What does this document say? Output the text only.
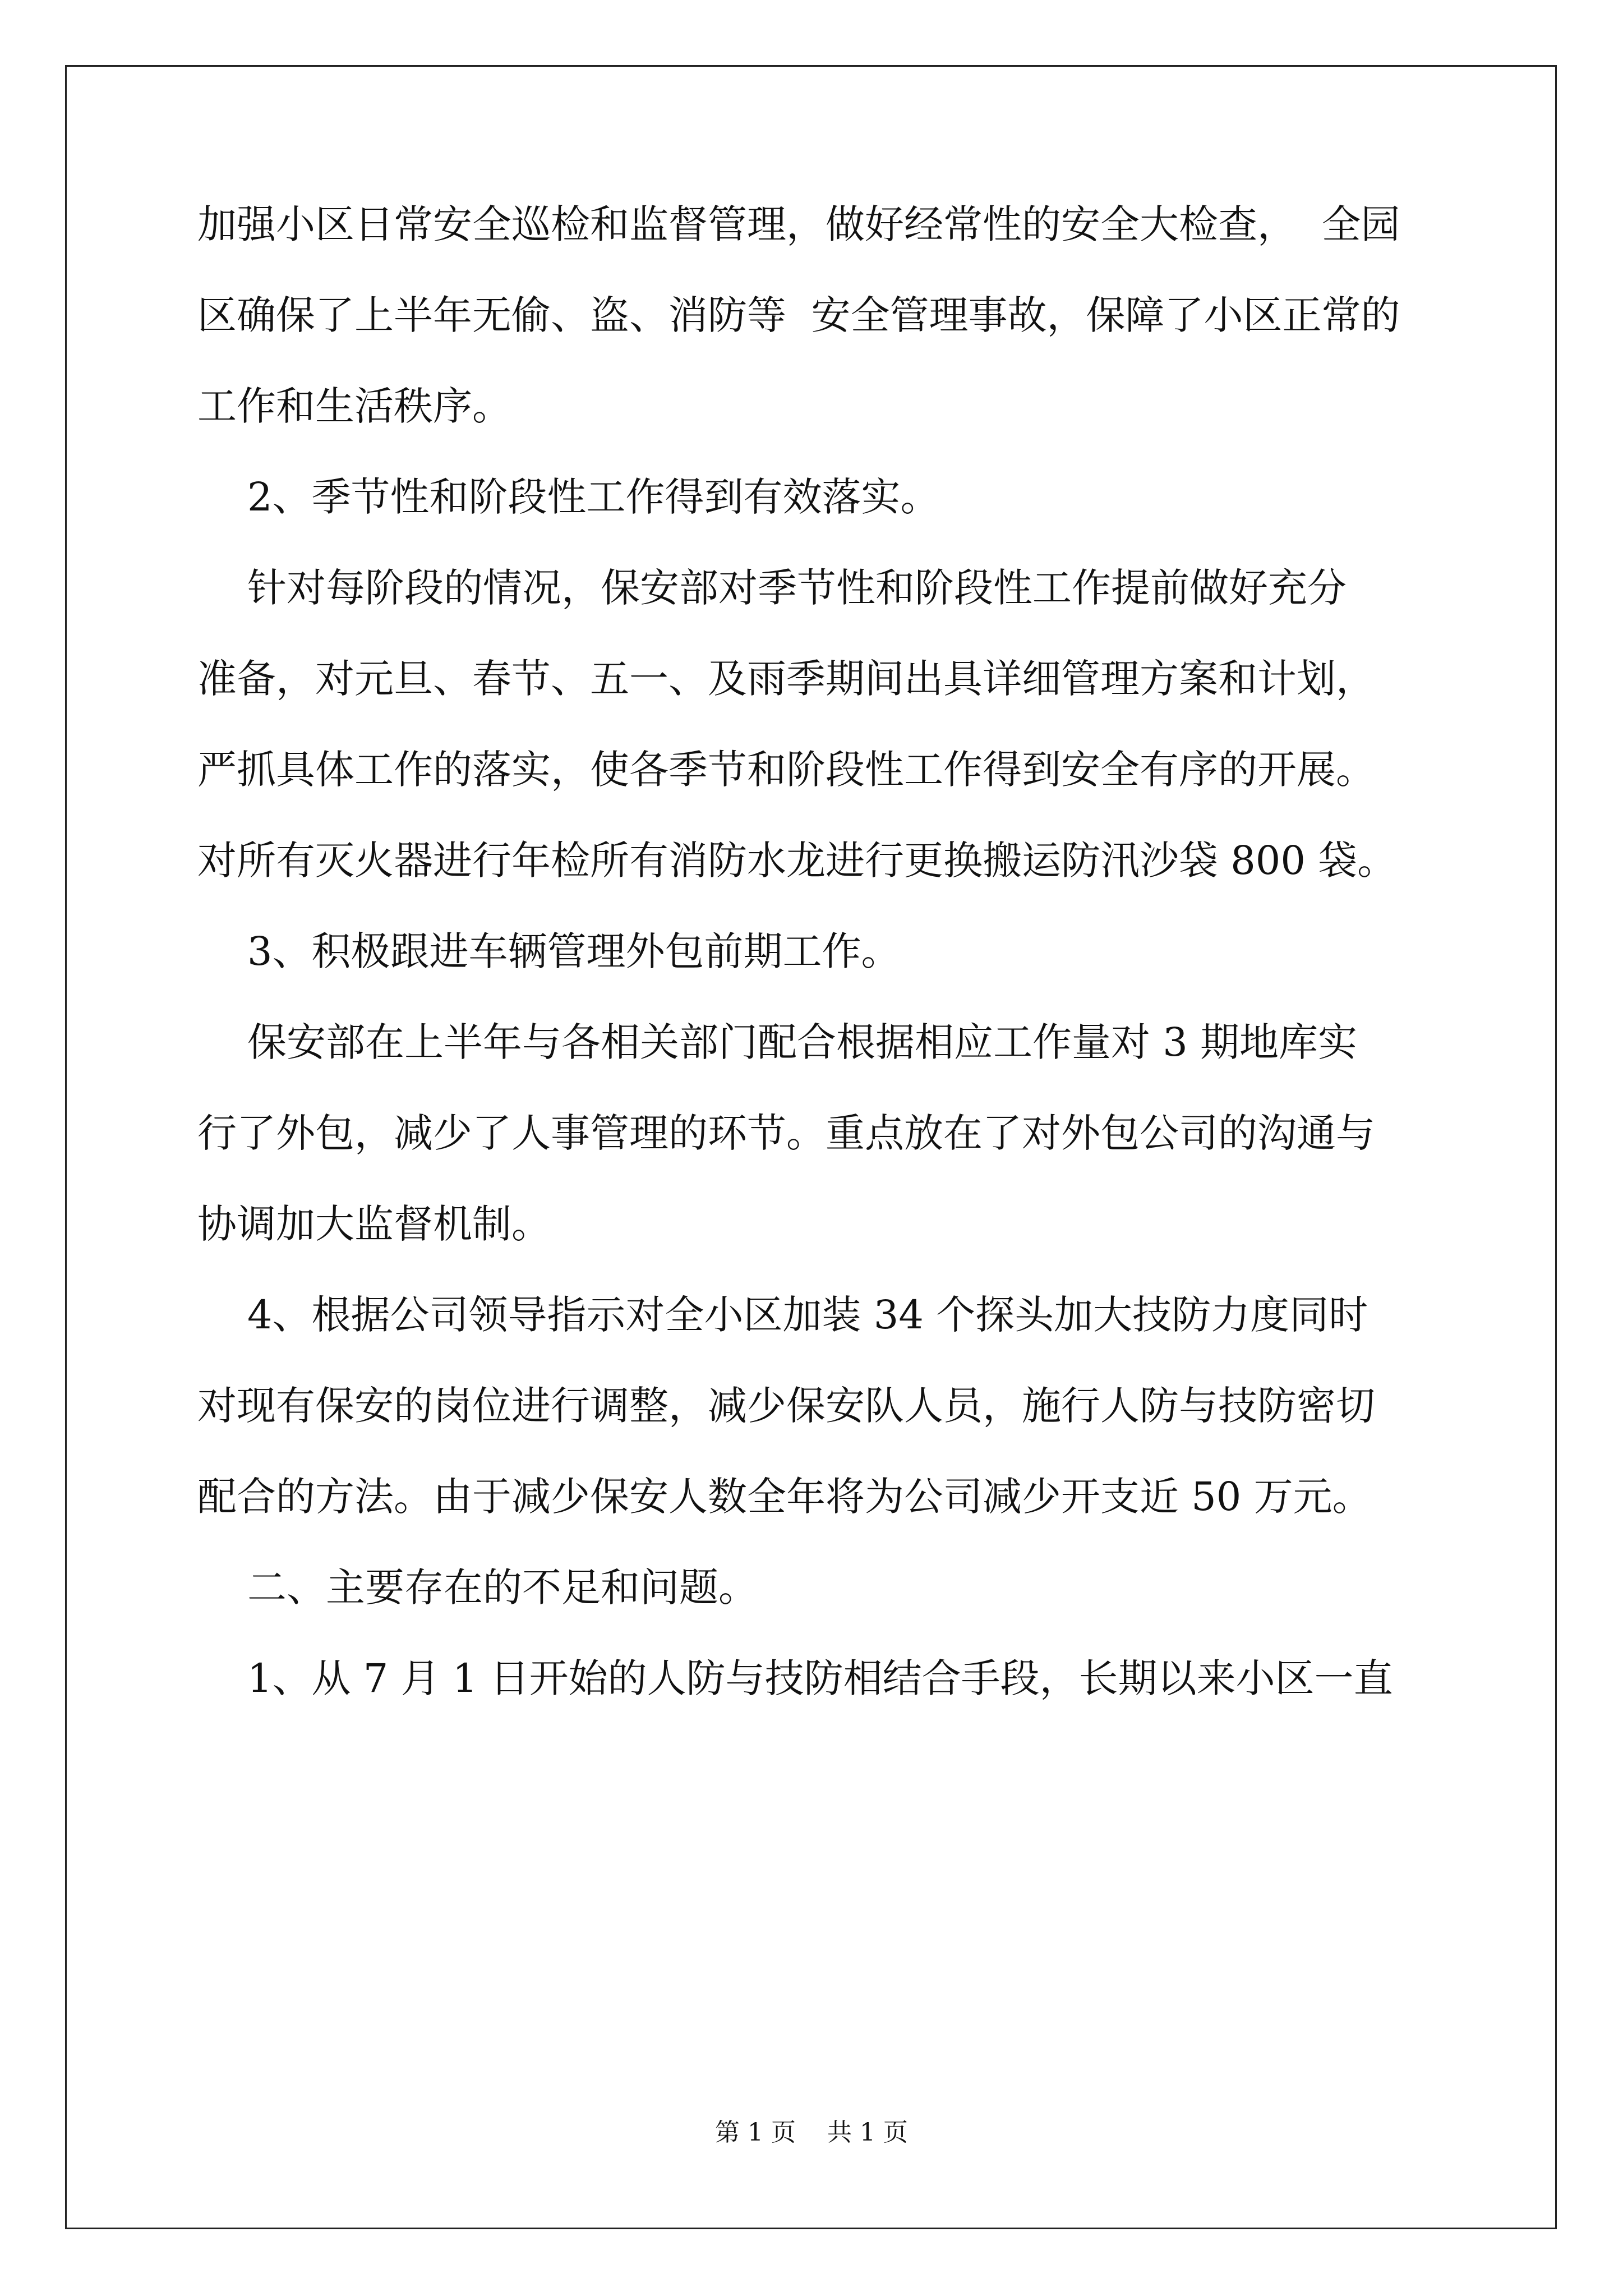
加强小区日常安全巡检和监督管理，做好经常性的安全大检查，  全园
区确保了上半年无偷、盗、消防等  安全管理事故，保障了小区正常的
工作和生活秩序。
2、季节性和阶段性工作得到有效落实。
针对每阶段的情况，保安部对季节性和阶段性工作提前做好充分
准备，对元旦、春节、五一、及雨季期间出具详细管理方案和计划，
严抓具体工作的落实，使各季节和阶段性工作得到安全有序的开展。
对所有灭火器进行年检所有消防水龙进行更换搬运防汛沙袋 800 袋。
3、积极跟进车辆管理外包前期工作。
保安部在上半年与各相关部门配合根据相应工作量对 3 期地库实
行了外包，减少了人事管理的环节。重点放在了对外包公司的沟通与
协调加大监督机制。
4、根据公司领导指示对全小区加装 34 个探头加大技防力度同时
对现有保安的岗位进行调整，减少保安队人员，施行人防与技防密切
配合的方法。由于减少保安人数全年将为公司减少开支近 50 万元。
二、主要存在的不足和问题。
1、从 7 月 1 日开始的人防与技防相结合手段，长期以来小区一直
第 1 页    共 1 页
